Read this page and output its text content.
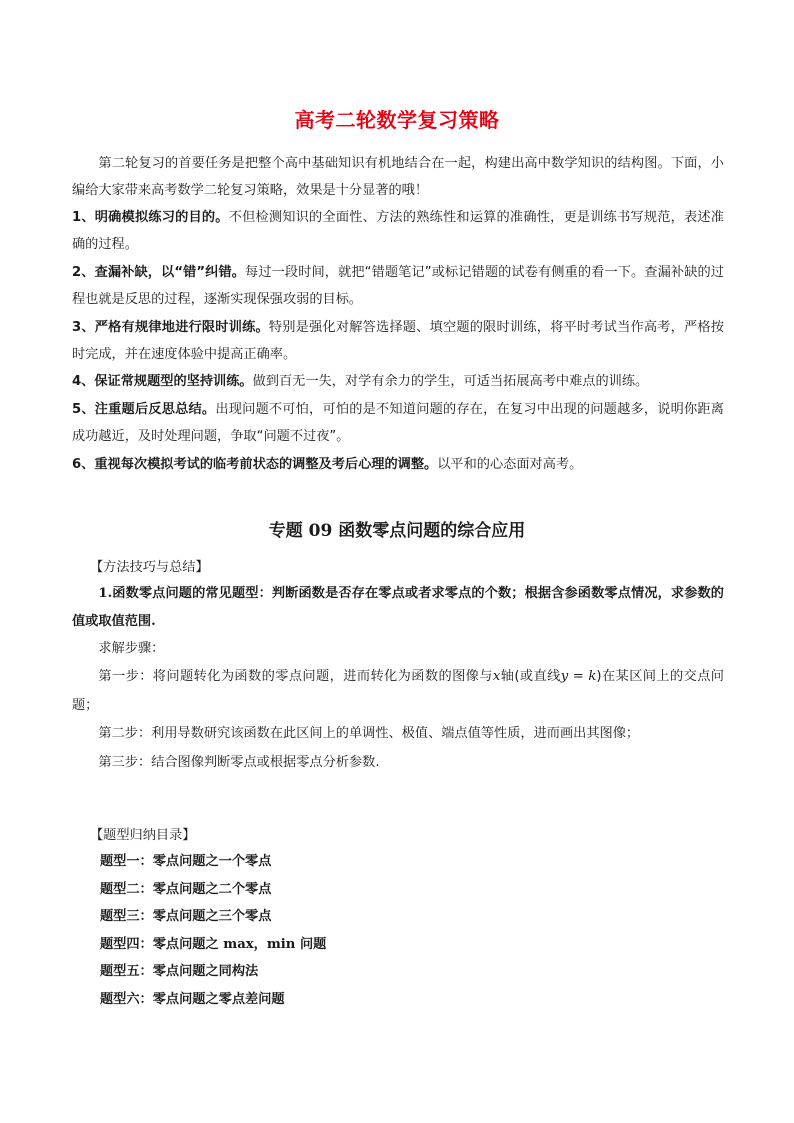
高考二轮数学复习策略
第二轮复习的首要任务是把整个高中基础知识有机地结合在一起，构建出高中数学知识的结构图。下面，小编给大家带来高考数学二轮复习策略，效果是十分显著的哦！
1、明确模拟练习的目的。不但检测知识的全面性、方法的熟练性和运算的准确性，更是训练书写规范，表述准确的过程。
2、查漏补缺，以“错”纠错。每过一段时间，就把“错题笔记”或标记错题的试卷有侧重的看一下。查漏补缺的过程也就是反思的过程，逐渐实现保强攻弱的目标。
3、严格有规律地进行限时训练。特别是强化对解答选择题、填空题的限时训练，将平时考试当作高考，严格按时完成，并在速度体验中提高正确率。
4、保证常规题型的坚持训练。做到百无一失，对学有余力的学生，可适当拓展高考中难点的训练。
5、注重题后反思总结。出现问题不可怕，可怕的是不知道问题的存在，在复习中出现的问题越多，说明你距离成功越近，及时处理问题，争取“问题不过夜”。
6、重视每次模拟考试的临考前状态的调整及考后心理的调整。以平和的心态面对高考。
专题 09 函数零点问题的综合应用
【方法技巧与总结】

1.函数零点问题的常见题型：判断函数是否存在零点或者求零点的个数；根据含参函数零点情况，求参数的值或取值范围.

求解步骤：

第一步：将问题转化为函数的零点问题，进而转化为函数的图像与x轴(或直线y = k)在某区间上的交点问题；

第二步：利用导数研究该函数在此区间上的单调性、极值、端点值等性质，进而画出其图像；

第三步：结合图像判断零点或根据零点分析参数.

【题型归纳目录】
题型一：零点问题之一个零点
题型二：零点问题之二个零点
题型三：零点问题之三个零点
题型四：零点问题之 max，min 问题
题型五：零点问题之同构法
题型六：零点问题之零点差问题
